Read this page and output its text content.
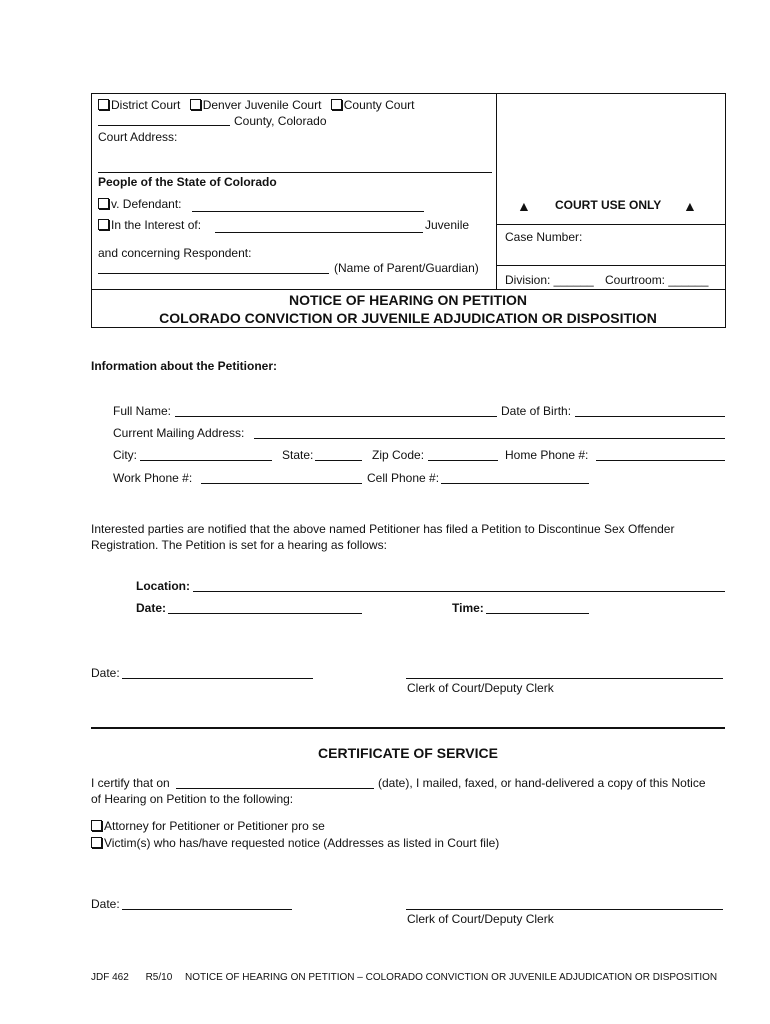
District Court Denver Juvenile Court County Court
County, Colorado
Court Address:
People of the State of Colorado
v. Defendant:
In the Interest of:	Juvenile
and concerning Respondent:
(Name of Parent/Guardian)
▲ COURT USE ONLY ▲
Case Number:
Division: ______ Courtroom: ______
NOTICE OF HEARING ON PETITION
COLORADO CONVICTION OR JUVENILE ADJUDICATION OR DISPOSITION
Information about the Petitioner:
Full Name:	Date of Birth:
Current Mailing Address:
City:	State:	Zip Code:	Home Phone #:
Work Phone #:	Cell Phone #:
Interested parties are notified that the above named Petitioner has filed a Petition to Discontinue Sex Offender
Registration. The Petition is set for a hearing as follows:
Location:
Date:	Time:
Date:
Clerk of Court/Deputy Clerk
CERTIFICATE OF SERVICE
I certify that on	(date), I mailed, faxed, or hand-delivered a copy of this Notice
of Hearing on Petition to the following:
Attorney for Petitioner or Petitioner pro se
Victim(s) who has/have requested notice (Addresses as listed in Court file)
Date:
Clerk of Court/Deputy Clerk
JDF 462 R5/10 NOTICE OF HEARING ON PETITION – COLORADO CONVICTION OR JUVENILE ADJUDICATION OR DISPOSITION
